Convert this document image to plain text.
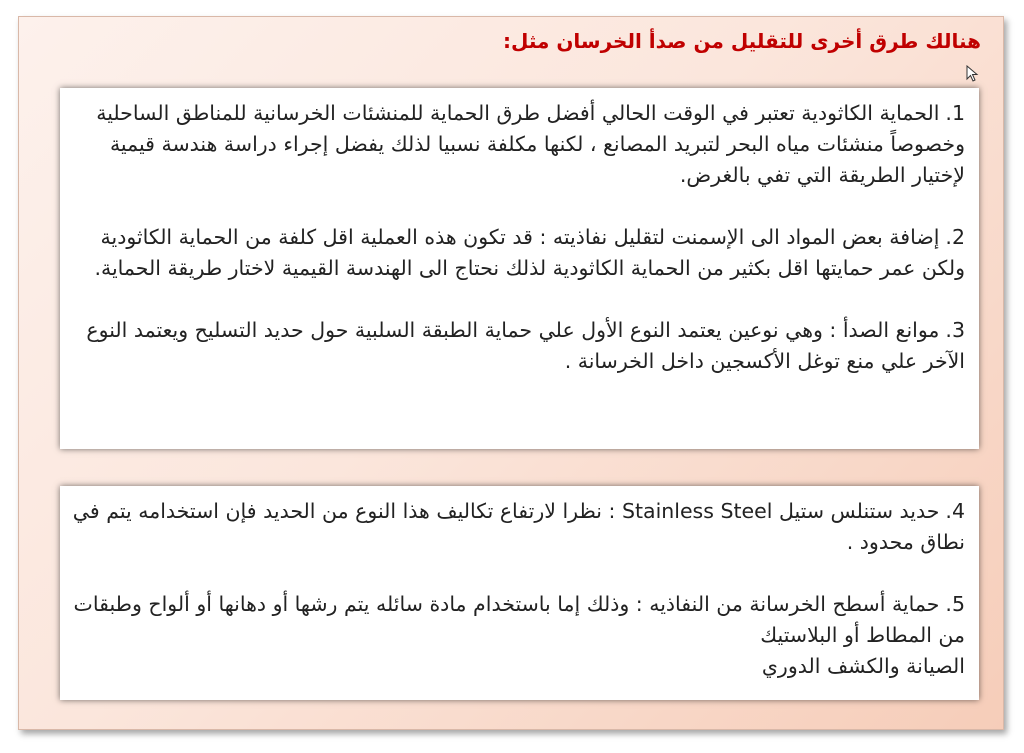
هنالك طرق أخرى للتقليل من صدأ الخرسان مثل:

1.الحماية الكاثودية تعتبر في الوقت الحالي أفضل طرق الحماية للمنشئات الخرسانية للمناطق الساحلية وخصوصاً منشئات مياه البحر لتبريد المصانع ، لكنها مكلفة نسبيا لذلك يفضل إجراء دراسة هندسة قيمية لإختيار الطريقة التي تفي بالغرض.

2.إضافة بعض المواد الى الإسمنت لتقليل نفاذيته : قد تكون هذه العملية اقل كلفة من الحماية الكاثودية ولكن عمر حمايتها اقل بكثير من الحماية الكاثودية لذلك نحتاج الى الهندسة القيمية لاختار طريقة الحماية.

3.موانع الصدأ : وهي نوعين يعتمد النوع الأول علي حماية الطبقة السلبية حول حديد التسليح ويعتمد النوع الآخر علي منع توغل الأكسجين داخل الخرسانة .

4.حديد ستنلس ستيل Stainless Steel : نظرا لارتفاع تكاليف هذا النوع من الحديد فإن استخدامه يتم في نطاق محدود .

5.حماية أسطح الخرسانة من النفاذيه : وذلك إما باستخدام مادة سائله يتم رشها أو دهانها أو ألواح وطبقات من المطاط أو البلاستيك

الصيانة والكشف الدوري
